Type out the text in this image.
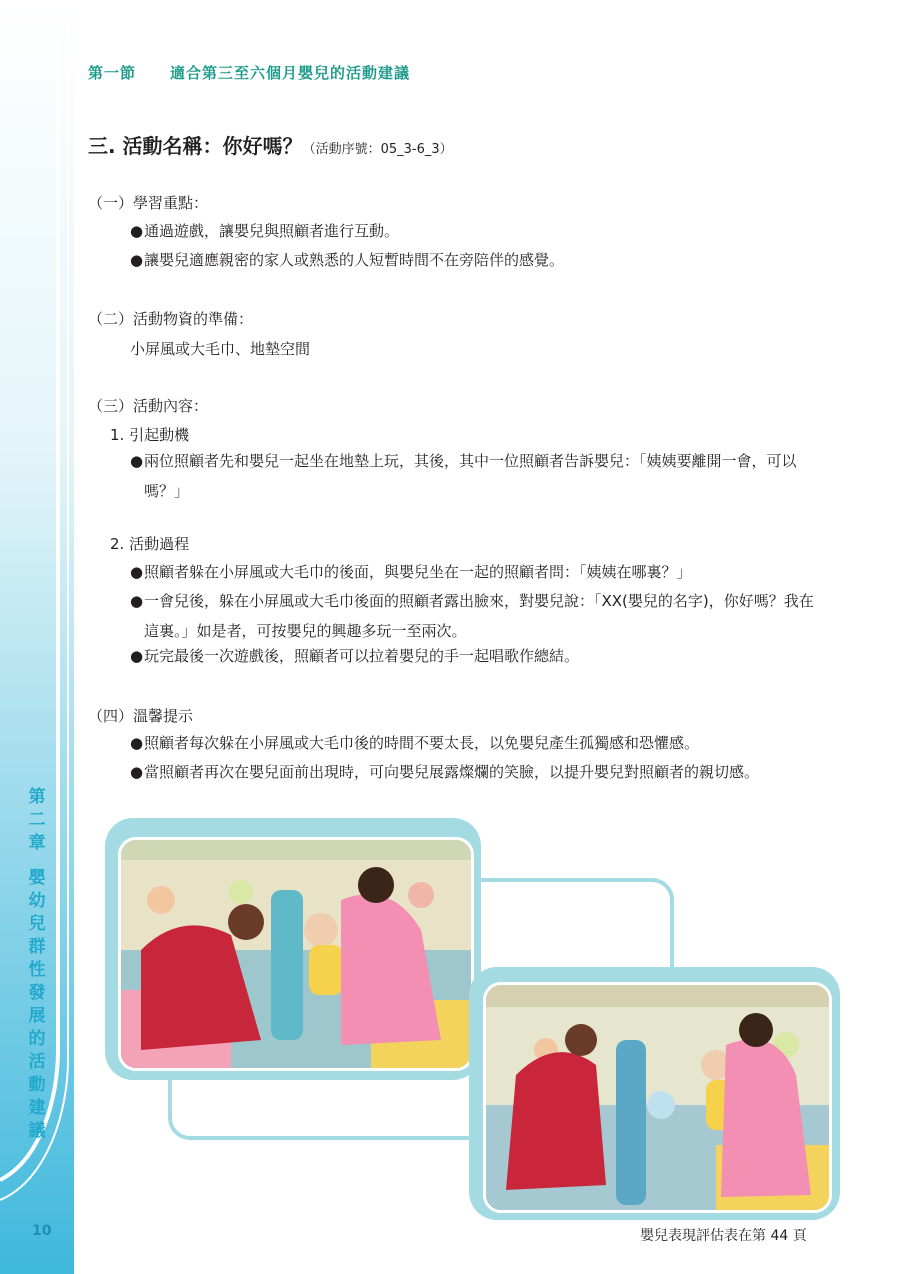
第
二
章
嬰
幼
兒
群
性
發
展
的
活
動
建
議
10
第一節 適合第三至六個月嬰兒的活動建議
三. 活動名稱：你好嗎？（活動序號：05_3-6_3）
（一）學習重點：
● 通過遊戲，讓嬰兒與照顧者進行互動。
● 讓嬰兒適應親密的家人或熟悉的人短暫時間不在旁陪伴的感覺。
（二）活動物資的準備：
小屏風或大毛巾、地墊空間
（三）活動內容：
1. 引起動機
● 兩位照顧者先和嬰兒一起坐在地墊上玩，其後，其中一位照顧者告訴嬰兒：「姨姨要離開一會，可以嗎？」
2. 活動過程
● 照顧者躲在小屏風或大毛巾的後面，與嬰兒坐在一起的照顧者問：「姨姨在哪裏？」
● 一會兒後，躲在小屏風或大毛巾後面的照顧者露出臉來，對嬰兒說：「XX(嬰兒的名字)，你好嗎？我在這裏。」如是者，可按嬰兒的興趣多玩一至兩次。
● 玩完最後一次遊戲後，照顧者可以拉着嬰兒的手一起唱歌作總結。
（四）溫馨提示
● 照顧者每次躲在小屏風或大毛巾後的時間不要太長，以免嬰兒產生孤獨感和恐懼感。
● 當照顧者再次在嬰兒面前出現時，可向嬰兒展露燦爛的笑臉，以提升嬰兒對照顧者的親切感。
嬰兒表現評估表在第 44 頁
